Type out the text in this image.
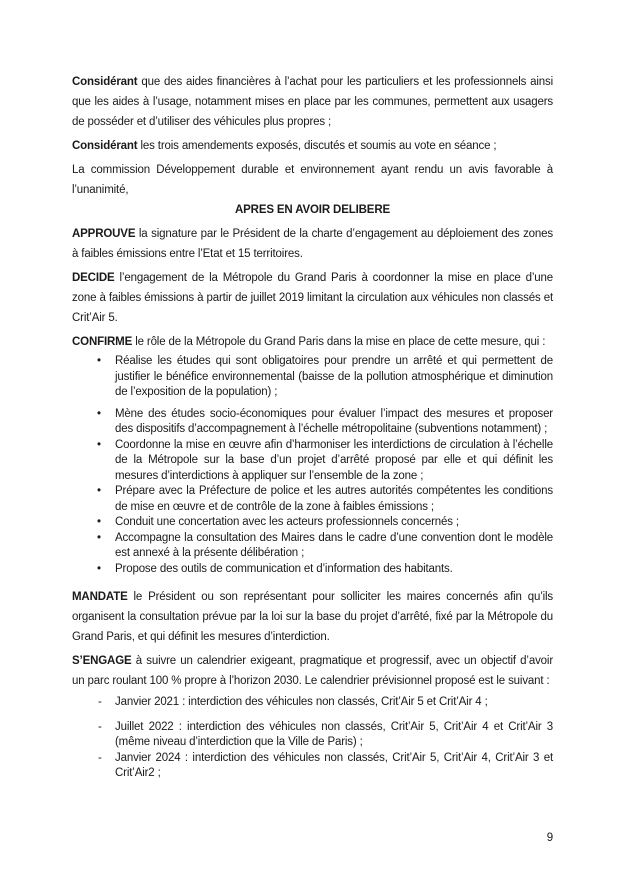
Considérant que des aides financières à l’achat pour les particuliers et les professionnels ainsi que les aides à l’usage, notamment mises en place par les communes, permettent aux usagers de posséder et d’utiliser des véhicules plus propres ;

Considérant les trois amendements exposés, discutés et soumis au vote en séance ;

La commission Développement durable et environnement ayant rendu un avis favorable à l’unanimité,

APRES EN AVOIR DELIBERE

APPROUVE la signature par le Président de la charte d’engagement au déploiement des zones à faibles émissions entre l’Etat et 15 territoires.

DECIDE l’engagement de la Métropole du Grand Paris à coordonner la mise en place d’une zone à faibles émissions à partir de juillet 2019 limitant la circulation aux véhicules non classés et Crit’Air 5.

CONFIRME le rôle de la Métropole du Grand Paris dans la mise en place de cette mesure, qui :

• Réalise les études qui sont obligatoires pour prendre un arrêté et qui permettent de justifier le bénéfice environnemental (baisse de la pollution atmosphérique et diminution de l’exposition de la population) ;
• Mène des études socio-économiques pour évaluer l’impact des mesures et proposer des dispositifs d’accompagnement à l’échelle métropolitaine (subventions notamment) ;
• Coordonne la mise en œuvre afin d’harmoniser les interdictions de circulation à l’échelle de la Métropole sur la base d’un projet d’arrêté proposé par elle et qui définit les mesures d’interdictions à appliquer sur l’ensemble de la zone ;
• Prépare avec la Préfecture de police et les autres autorités compétentes les conditions de mise en œuvre et de contrôle de la zone à faibles émissions ;
• Conduit une concertation avec les acteurs professionnels concernés ;
• Accompagne la consultation des Maires dans le cadre d’une convention dont le modèle est annexé à la présente délibération ;
• Propose des outils de communication et d’information des habitants.

MANDATE le Président ou son représentant pour solliciter les maires concernés afin qu’ils organisent la consultation prévue par la loi sur la base du projet d’arrêté, fixé par la Métropole du Grand Paris, et qui définit les mesures d’interdiction.

S’ENGAGE à suivre un calendrier exigeant, pragmatique et progressif, avec un objectif d’avoir un parc roulant 100 % propre à l’horizon 2030. Le calendrier prévisionnel proposé est le suivant :

- Janvier 2021 : interdiction des véhicules non classés, Crit’Air 5 et Crit’Air 4 ;
- Juillet 2022 : interdiction des véhicules non classés, Crit’Air 5, Crit’Air 4 et Crit’Air 3 (même niveau d’interdiction que la Ville de Paris) ;
- Janvier 2024 : interdiction des véhicules non classés, Crit’Air 5, Crit’Air 4, Crit’Air 3 et Crit’Air2 ;
9
